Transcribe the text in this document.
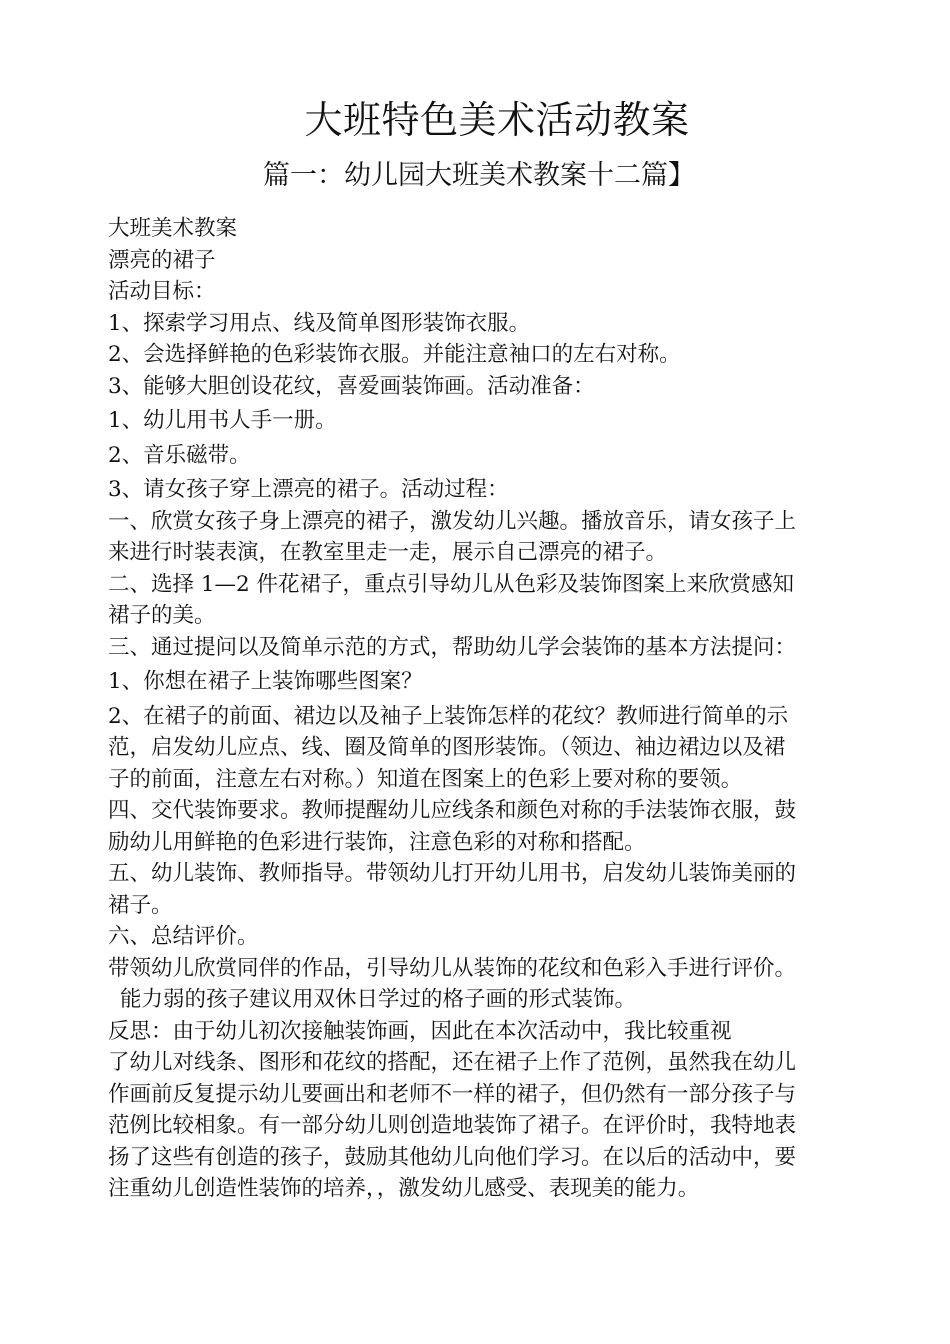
大班特色美术活动教案
篇一：幼儿园大班美术教案十二篇】
大班美术教案
漂亮的裙子
活动目标：
1、探索学习用点、线及简单图形装饰衣服。
2、会选择鲜艳的色彩装饰衣服。并能注意袖口的左右对称。
3、能够大胆创设花纹，喜爱画装饰画。活动准备：
1、幼儿用书人手一册。
2、音乐磁带。
3、请女孩子穿上漂亮的裙子。活动过程：
一、欣赏女孩子身上漂亮的裙子，激发幼儿兴趣。播放音乐，请女孩子上
来进行时装表演，在教室里走一走，展示自己漂亮的裙子。
二、选择 1—2 件花裙子，重点引导幼儿从色彩及装饰图案上来欣赏感知
裙子的美。
三、通过提问以及简单示范的方式，帮助幼儿学会装饰的基本方法提问：
1、你想在裙子上装饰哪些图案？
2、在裙子的前面、裙边以及袖子上装饰怎样的花纹？教师进行简单的示
范，启发幼儿应点、线、圈及简单的图形装饰。（领边、袖边裙边以及裙
子的前面，注意左右对称。）知道在图案上的色彩上要对称的要领。
四、交代装饰要求。教师提醒幼儿应线条和颜色对称的手法装饰衣服，鼓
励幼儿用鲜艳的色彩进行装饰，注意色彩的对称和搭配。
五、幼儿装饰、教师指导。带领幼儿打开幼儿用书，启发幼儿装饰美丽的
裙子。
六、总结评价。
带领幼儿欣赏同伴的作品，引导幼儿从装饰的花纹和色彩入手进行评价。
能力弱的孩子建议用双休日学过的格子画的形式装饰。
反思：由于幼儿初次接触装饰画，因此在本次活动中，我比较重视
了幼儿对线条、图形和花纹的搭配，还在裙子上作了范例，虽然我在幼儿
作画前反复提示幼儿要画出和老师不一样的裙子，但仍然有一部分孩子与
范例比较相象。有一部分幼儿则创造地装饰了裙子。在评价时，我特地表
扬了这些有创造的孩子，鼓励其他幼儿向他们学习。在以后的活动中，要
注重幼儿创造性装饰的培养，，激发幼儿感受、表现美的能力。
